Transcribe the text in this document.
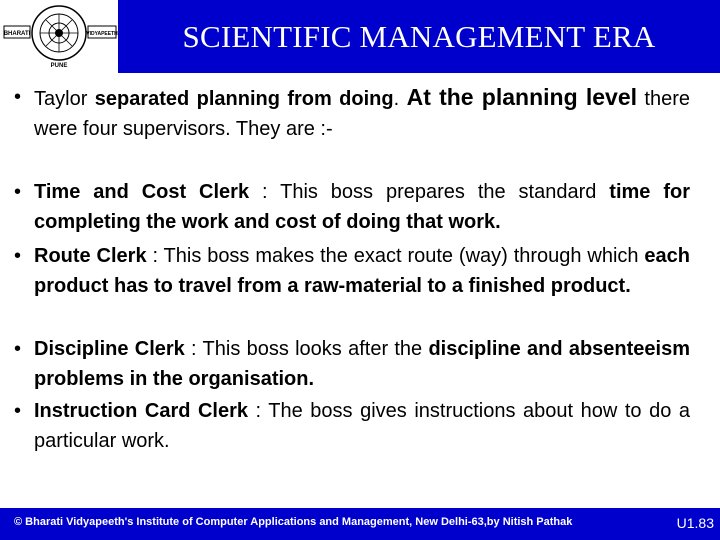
BHARATI	VIDYAPEETH
PUNE
SCIENTIFIC MANAGEMENT ERA
• Taylor separated planning from doing. At the planning level there were four supervisors. They are :-
• Time and Cost Clerk : This boss prepares the standard time for completing the work and cost of doing that work.
• Route Clerk : This boss makes the exact route (way) through which each product has to travel from a raw-material to a finished product.
• Discipline Clerk : This boss looks after the discipline and absenteeism problems in the organisation.
• Instruction Card Clerk : The boss gives instructions about how to do a particular work.
© Bharati Vidyapeeth's Institute of Computer Applications and Management, New Delhi-63,by Nitish Pathak	U1.83
